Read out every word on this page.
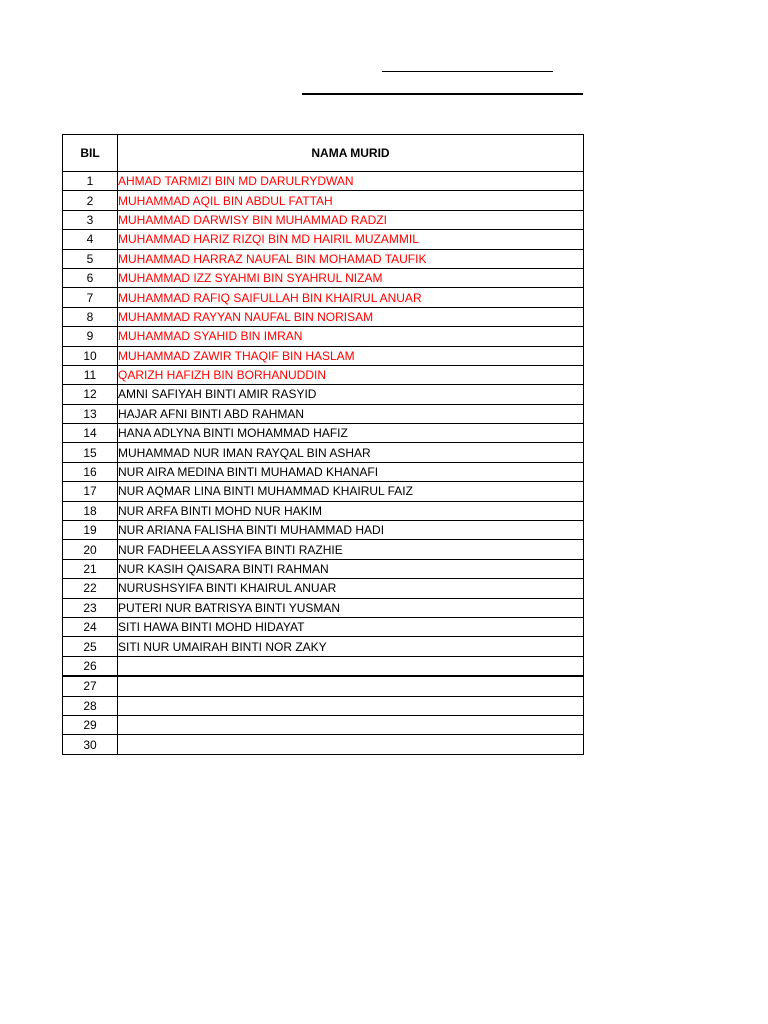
BIL	NAMA MURID
1	AHMAD TARMIZI BIN MD DARULRYDWAN
2	MUHAMMAD AQIL BIN ABDUL FATTAH
3	MUHAMMAD DARWISY BIN MUHAMMAD RADZI
4	MUHAMMAD HARIZ RIZQI BIN MD HAIRIL MUZAMMIL
5	MUHAMMAD HARRAZ NAUFAL BIN MOHAMAD TAUFIK
6	MUHAMMAD IZZ SYAHMI BIN SYAHRUL NIZAM
7	MUHAMMAD RAFIQ SAIFULLAH BIN KHAIRUL ANUAR
8	MUHAMMAD RAYYAN NAUFAL BIN NORISAM
9	MUHAMMAD SYAHID BIN IMRAN
10	MUHAMMAD ZAWIR THAQIF BIN HASLAM
11	QARIZH HAFIZH BIN BORHANUDDIN
12	AMNI SAFIYAH BINTI AMIR RASYID
13	HAJAR AFNI BINTI ABD RAHMAN
14	HANA ADLYNA BINTI MOHAMMAD HAFIZ
15	MUHAMMAD NUR IMAN RAYQAL BIN ASHAR
16	NUR AIRA MEDINA BINTI MUHAMAD KHANAFI
17	NUR AQMAR LINA BINTI MUHAMMAD KHAIRUL FAIZ
18	NUR ARFA BINTI MOHD NUR HAKIM
19	NUR ARIANA FALISHA BINTI MUHAMMAD HADI
20	NUR FADHEELA ASSYIFA BINTI RAZHIE
21	NUR KASIH QAISARA BINTI RAHMAN
22	NURUSHSYIFA BINTI KHAIRUL ANUAR
23	PUTERI NUR BATRISYA BINTI YUSMAN
24	SITI HAWA BINTI MOHD HIDAYAT
25	SITI NUR UMAIRAH BINTI NOR ZAKY
26	
27	
28	
29	
30	
